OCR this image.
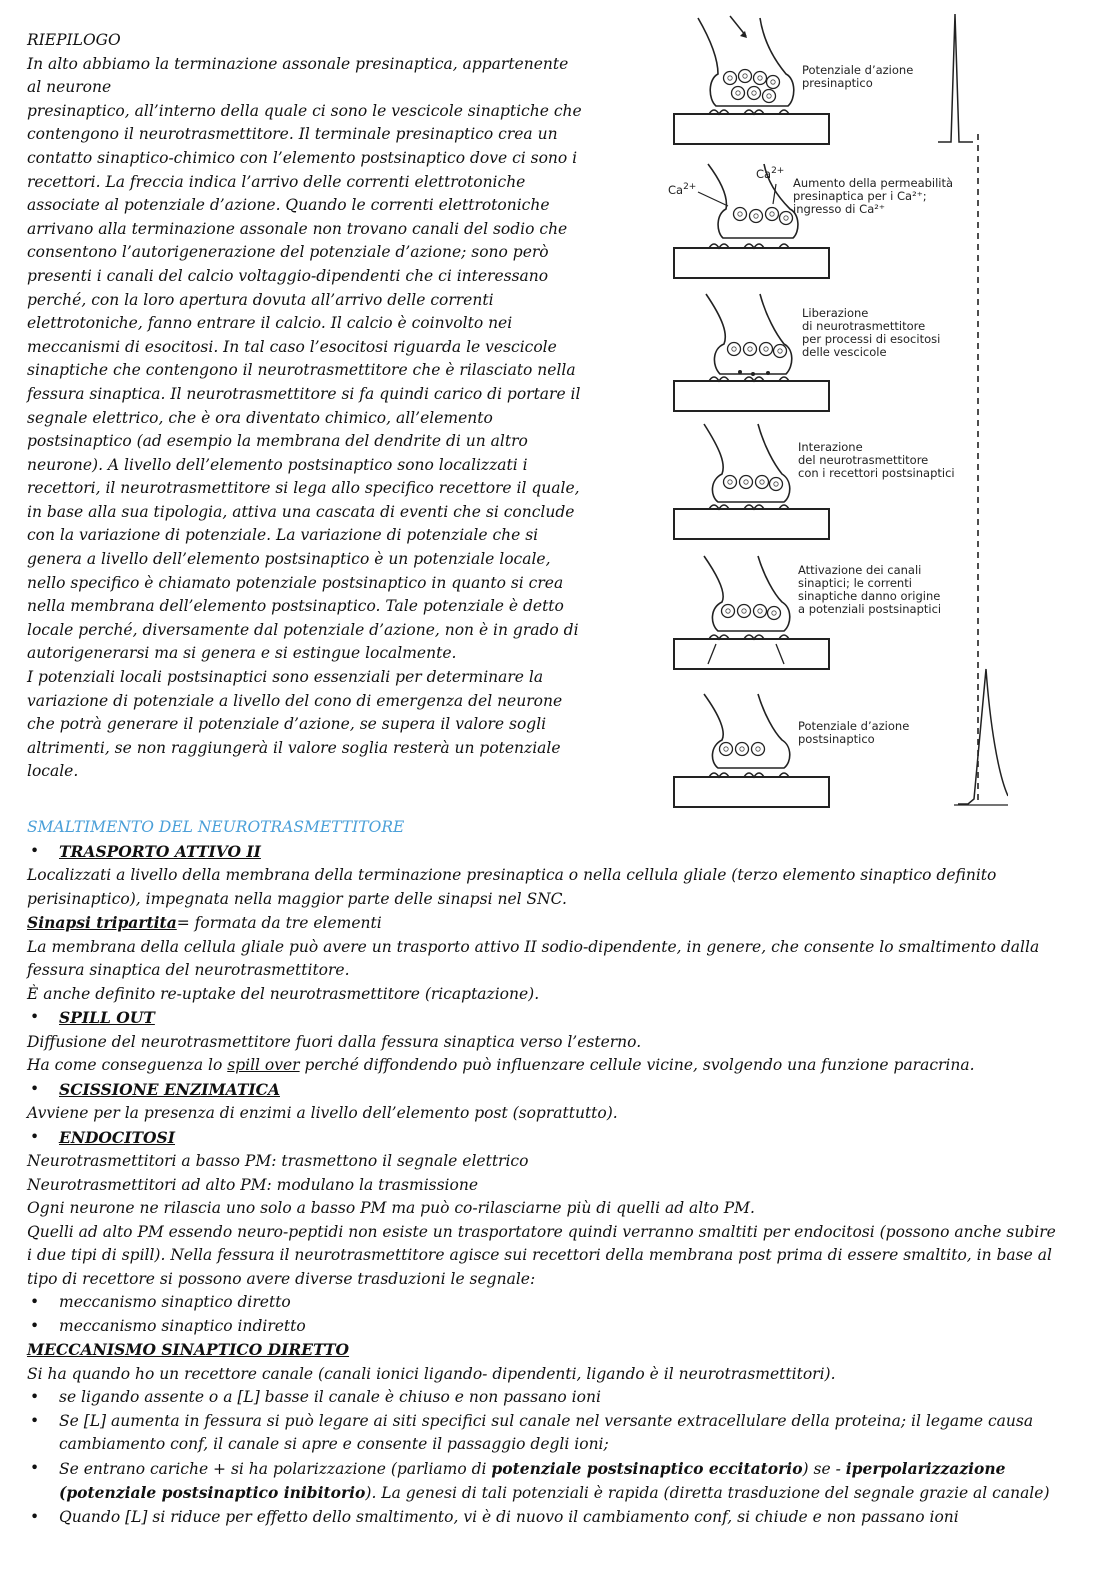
RIEPILOGO

In alto abbiamo la terminazione assonale presinaptica, appartenente

al neurone

presinaptico, all’interno della quale ci sono le vescicole sinaptiche che

contengono il neurotrasmettitore. Il terminale presinaptico crea un

contatto sinaptico-chimico con l’elemento postsinaptico dove ci sono i

recettori. La freccia indica l’arrivo delle correnti elettrotoniche

associate al potenziale d’azione. Quando le correnti elettrotoniche

arrivano alla terminazione assonale non trovano canali del sodio che

consentono l’autorigenerazione del potenziale d’azione; sono però

presenti i canali del calcio voltaggio-dipendenti che ci interessano

perché, con la loro apertura dovuta all’arrivo delle correnti

elettrotoniche, fanno entrare il calcio. Il calcio è coinvolto nei

meccanismi di esocitosi. In tal caso l’esocitosi riguarda le vescicole

sinaptiche che contengono il neurotrasmettitore che è rilasciato nella

fessura sinaptica. Il neurotrasmettitore si fa quindi carico di portare il

segnale elettrico, che è ora diventato chimico, all’elemento

postsinaptico (ad esempio la membrana del dendrite di un altro

neurone). A livello dell’elemento postsinaptico sono localizzati i

recettori, il neurotrasmettitore si lega allo specifico recettore il quale,

in base alla sua tipologia, attiva una cascata di eventi che si conclude

con la variazione di potenziale. La variazione di potenziale che si

genera a livello dell’elemento postsinaptico è un potenziale locale,

nello specifico è chiamato potenziale postsinaptico in quanto si crea

nella membrana dell’elemento postsinaptico. Tale potenziale è detto

locale perché, diversamente dal potenziale d’azione, non è in grado di

autorigenerarsi ma si genera e si estingue localmente.

I potenziali locali postsinaptici sono essenziali per determinare la

variazione di potenziale a livello del cono di emergenza del neurone

che potrà generare il potenziale d’azione, se supera il valore sogli

altrimenti, se non raggiungerà il valore soglia resterà un potenziale

locale.

$Ca^{2+}$
$Ca^{2+}$
Potenziale d’azione
presinaptico
Aumento della permeabilità
presinaptica per i Ca²⁺;
ingresso di Ca²⁺
Liberazione
di neurotrasmettitore
per processi di esocitosi
delle vescicole
Interazione
del neurotrasmettitore
con i recettori postsinaptici
Attivazione dei canali
sinaptici; le correnti
sinaptiche danno origine
a potenziali postsinaptici
Potenziale d’azione
postsinaptico

SMALTIMENTO DEL NEUROTRASMETTITORE

• TRASPORTO ATTIVO II

Localizzati a livello della membrana della terminazione presinaptica o nella cellula gliale (terzo elemento sinaptico definito

perisinaptico), impegnata nella maggior parte delle sinapsi nel SNC.

Sinapsi tripartita= formata da tre elementi

La membrana della cellula gliale può avere un trasporto attivo II sodio-dipendente, in genere, che consente lo smaltimento dalla

fessura sinaptica del neurotrasmettitore.

È anche definito re-uptake del neurotrasmettitore (ricaptazione).

• SPILL OUT

Diffusione del neurotrasmettitore fuori dalla fessura sinaptica verso l’esterno.

Ha come conseguenza lo spill over perché diffondendo può influenzare cellule vicine, svolgendo una funzione paracrina.

• SCISSIONE ENZIMATICA

Avviene per la presenza di enzimi a livello dell’elemento post (soprattutto).

• ENDOCITOSI

Neurotrasmettitori a basso PM: trasmettono il segnale elettrico

Neurotrasmettitori ad alto PM: modulano la trasmissione

Ogni neurone ne rilascia uno solo a basso PM ma può co-rilasciarne più di quelli ad alto PM.

Quelli ad alto PM essendo neuro-peptidi non esiste un trasportatore quindi verranno smaltiti per endocitosi (possono anche subire

i due tipi di spill). Nella fessura il neurotrasmettitore agisce sui recettori della membrana post prima di essere smaltito, in base al

tipo di recettore si possono avere diverse trasduzioni le segnale:

• meccanismo sinaptico diretto

• meccanismo sinaptico indiretto

MECCANISMO SINAPTICO DIRETTO

Si ha quando ho un recettore canale (canali ionici ligando- dipendenti, ligando è il neurotrasmettitori).

• se ligando assente o a [L] basse il canale è chiuso e non passano ioni

• Se [L] aumenta in fessura si può legare ai siti specifici sul canale nel versante extracellulare della proteina; il legame causa

cambiamento conf, il canale si apre e consente il passaggio degli ioni;

• Se entrano cariche + si ha polarizzazione (parliamo di potenziale postsinaptico eccitatorio) se - iperpolarizzazione

(potenziale postsinaptico inibitorio). La genesi di tali potenziali è rapida (diretta trasduzione del segnale grazie al canale)

• Quando [L] si riduce per effetto dello smaltimento, vi è di nuovo il cambiamento conf, si chiude e non passano ioni
